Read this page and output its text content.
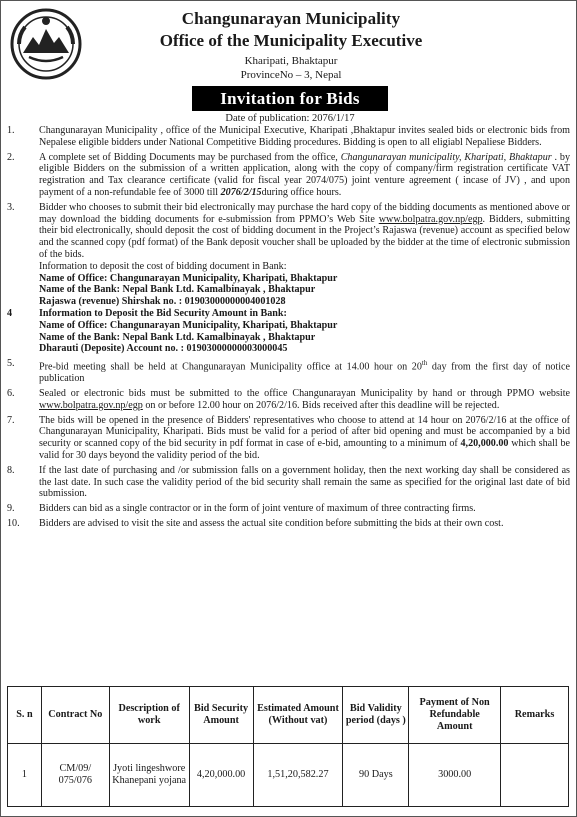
Changunarayan Municipality
Office of the Municipality Executive
Kharipati, Bhaktapur
ProvinceNo – 3, Nepal
Invitation for Bids
Date of publication: 2076/1/17
1.	Changunarayan Municipality , office of the Municipal Executive, Kharipati ,Bhaktapur invites sealed bids or electronic bids from Nepalese eligible bidders under National Competitive Bidding procedures. Bidding is open to all eligiabl Nepaliese Bidders.
2.	A complete set of Bidding Documents may be purchased from the office, Changunarayan municipality, Kharipati, Bhaktapur . by eligible Bidders on the submission of a written application, along with the copy of company/firm registration certificate VAT registration and Tax clearance certificate (valid for fiscal year 2074/075) joint venture agreement ( incase of JV) , and upon payment of a non-refundable fee of 3000 till 2076/2/15during office hours.
3.	Bidder who chooses to submit their bid electronically may purchase the hard copy of the bidding documents as mentioned above or may download the bidding documents for e-submission from PPMO’s Web Site www.bolpatra.gov.np/egp. Bidders, submitting their bid electronically, should deposit the cost of bidding document in the Project’s Rajaswa (revenue) account as specified below and the scanned copy (pdf format) of the Bank deposit voucher shall be uploaded by the bidder at the time of electronic submission of the bids.
Information to deposit the cost of bidding document in Bank:
Name of Office: Changunarayan Municipality, Kharipati, Bhaktapur
Name of the Bank: Nepal Bank Ltd. Kamalbinayak , Bhaktapur
Rajaswa (revenue) Shirshak no. : 01903000000004001028
4	Information to Deposit the Bid Security Amount in Bank:
Name of Office: Changunarayan Municipality, Kharipati, Bhaktapur
Name of the Bank: Nepal Bank Ltd. Kamalbinayak , Bhaktapur
Dharauti (Deposite) Account no. : 01903000000003000045
5.	Pre-bid meeting shall be held at Changunarayan Municipality office at 14.00 hour on 20th day from the first day of notice publication
6.	Sealed or electronic bids must be submitted to the office Changunarayan Municipality by hand or through PPMO website www.bolpatra.gov.np/egp on or before 12.00 hour on 2076/2/16. Bids received after this deadline will be rejected.
7.	The bids will be opened in the presence of Bidders' representatives who choose to attend at 14 hour on 2076/2/16 at the office of Changunarayan Municipality, Kharipati. Bids must be valid for a period of after bid opening and must be accompanied by a bid security or scanned copy of the bid security in pdf format in case of e-bid, amounting to a minimum of 4,20,000.00 which shall be valid for 30 days beyond the validity period of the bid.
8.	If the last date of purchasing and /or submission falls on a government holiday, then the next working day shall be considered as the last date. In such case the validity period of the bid security shall remain the same as specified for the original last date of bid submission.
9.	Bidders can bid as a single contractor or in the form of joint venture of maximum of three contracting firms.
10.	Bidders are advised to visit the site and assess the actual site condition before submitting the bids at their own cost.
S. n	Contract No	Description of work	Bid Security Amount	Estimated Amount (Without vat)	Bid Validity period (days )	Payment of Non Refundable Amount	Remarks
1	CM/09/ 075/076	Jyoti lingeshwore Khanepani yojana	4,20,000.00	1,51,20,582.27	90 Days	3000.00	
